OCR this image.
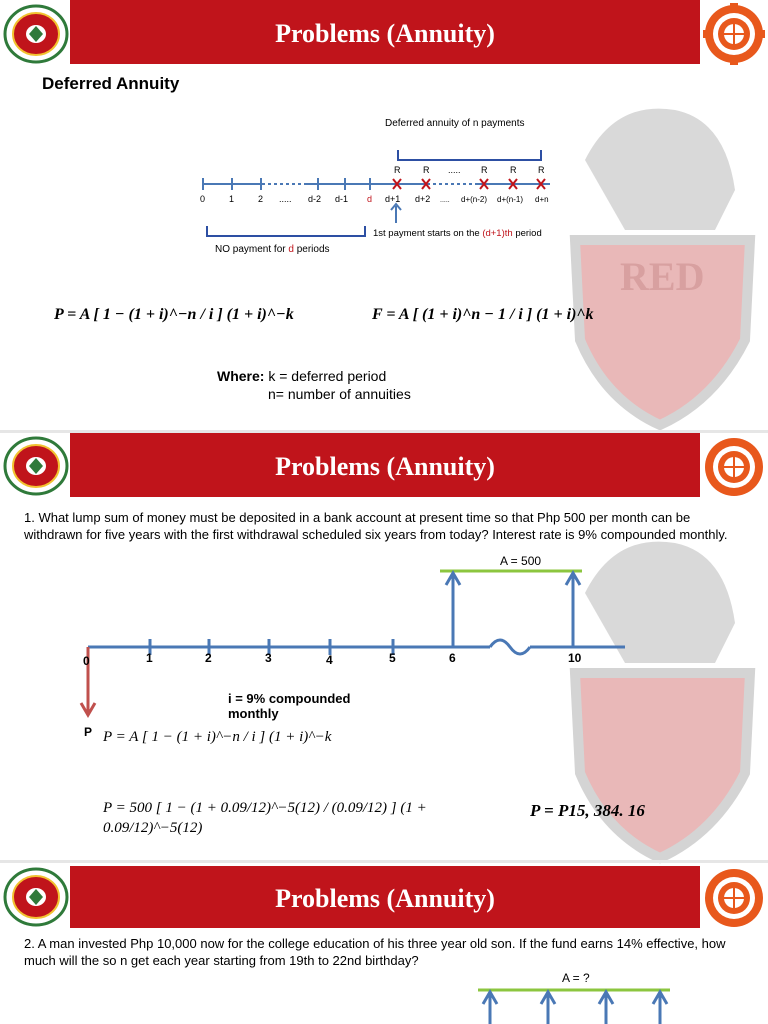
Problems (Annuity)
RED
Deferred Annuity
Deferred annuity of n payments
R	R	R	R R
.....
0	1	2 ..... d-2 d-1 d d+1 d+2 ..... d+(n-2) d+(n-1) d+n
NO payment for d periods
1st payment starts on the (d+1)th period
P = A [ 1 − (1 + i)^−n / i ] (1 + i)^−k	F = A [ (1 + i)^n − 1 / i ] (1 + i)^k
Where: k = deferred period
n= number of annuities
Problems (Annuity)
1. What lump sum of money must be deposited in a bank account at present time so that Php 500 per month can be withdrawn for five years with the first withdrawal scheduled six years from today? Interest rate is 9% compounded monthly.
A = 500
0	1	2	3	4	5	6	10
P
i = 9% compounded monthly
P = A [ 1 − (1 + i)^−n / i ] (1 + i)^−k
P = 500 [ 1 − (1 + 0.09/12)^−5(12) / (0.09/12) ] (1 + 0.09/12)^−5(12)
P = P15, 384. 16
Problems (Annuity)
2. A man invested Php 10,000 now for the college education of his three year old son. If the fund earns 14% effective, how much will the so n get each year starting from 19th to 22nd birthday?
A = ?
